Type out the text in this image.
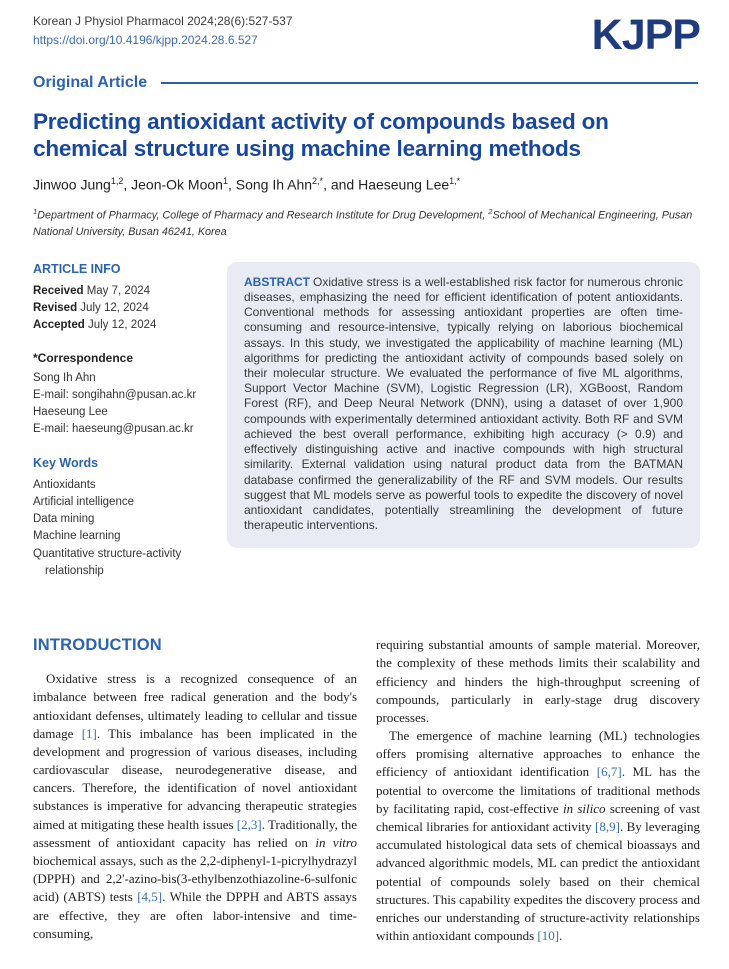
Korean J Physiol Pharmacol 2024;28(6):527-537
https://doi.org/10.4196/kjpp.2024.28.6.527	KJPP
Original Article
Predicting antioxidant activity of compounds based on chemical structure using machine learning methods
Jinwoo Jung$^{1,2}$, Jeon-Ok Moon$^1$, Song Ih Ahn$^{2,*}$, and Haeseung Lee$^{1,*}$
$^1$Department of Pharmacy, College of Pharmacy and Research Institute for Drug Development, $^2$School of Mechanical Engineering, Pusan National University, Busan 46241, Korea
ARTICLE INFO
Received May 7, 2024
Revised July 12, 2024
Accepted July 12, 2024
*Correspondence
Song Ih Ahn
E-mail: songihahn@pusan.ac.kr
Haeseung Lee
E-mail: haeseung@pusan.ac.kr
Key Words
Antioxidants
Artificial intelligence
Data mining
Machine learning
Quantitative structure-activity relationship
ABSTRACT Oxidative stress is a well-established risk factor for numerous chronic diseases, emphasizing the need for efficient identification of potent antioxidants. Conventional methods for assessing antioxidant properties are often time-consuming and resource-intensive, typically relying on laborious biochemical assays. In this study, we investigated the applicability of machine learning (ML) algorithms for predicting the antioxidant activity of compounds based solely on their molecular structure. We evaluated the performance of five ML algorithms, Support Vector Machine (SVM), Logistic Regression (LR), XGBoost, Random Forest (RF), and Deep Neural Network (DNN), using a dataset of over 1,900 compounds with experimentally determined antioxidant activity. Both RF and SVM achieved the best overall performance, exhibiting high accuracy (> 0.9) and effectively distinguishing active and inactive compounds with high structural similarity. External validation using natural product data from the BATMAN database confirmed the generalizability of the RF and SVM models. Our results suggest that ML models serve as powerful tools to expedite the discovery of novel antioxidant candidates, potentially streamlining the development of future therapeutic interventions.
INTRODUCTION

Oxidative stress is a recognized consequence of an imbalance between free radical generation and the body's antioxidant defenses, ultimately leading to cellular and tissue damage [1]. This imbalance has been implicated in the development and progression of various diseases, including cardiovascular disease, neurodegenerative disease, and cancers. Therefore, the identification of novel antioxidant substances is imperative for advancing therapeutic strategies aimed at mitigating these health issues [2,3]. Traditionally, the assessment of antioxidant capacity has relied on in vitro biochemical assays, such as the 2,2-diphenyl-1-picrylhydrazyl (DPPH) and 2,2'-azino-bis(3-ethylbenzothiazoline-6-sulfonic acid) (ABTS) tests [4,5]. While the DPPH and ABTS assays are effective, they are often labor-intensive and time-consuming,

requiring substantial amounts of sample material. Moreover, the complexity of these methods limits their scalability and efficiency and hinders the high-throughput screening of compounds, particularly in early-stage drug discovery processes.

The emergence of machine learning (ML) technologies offers promising alternative approaches to enhance the efficiency of antioxidant identification [6,7]. ML has the potential to overcome the limitations of traditional methods by facilitating rapid, cost-effective in silico screening of vast chemical libraries for antioxidant activity [8,9]. By leveraging accumulated histological data sets of chemical bioassays and advanced algorithmic models, ML can predict the antioxidant potential of compounds solely based on their chemical structures. This capability expedites the discovery process and enriches our understanding of structure-activity relationships within antioxidant compounds [10].
